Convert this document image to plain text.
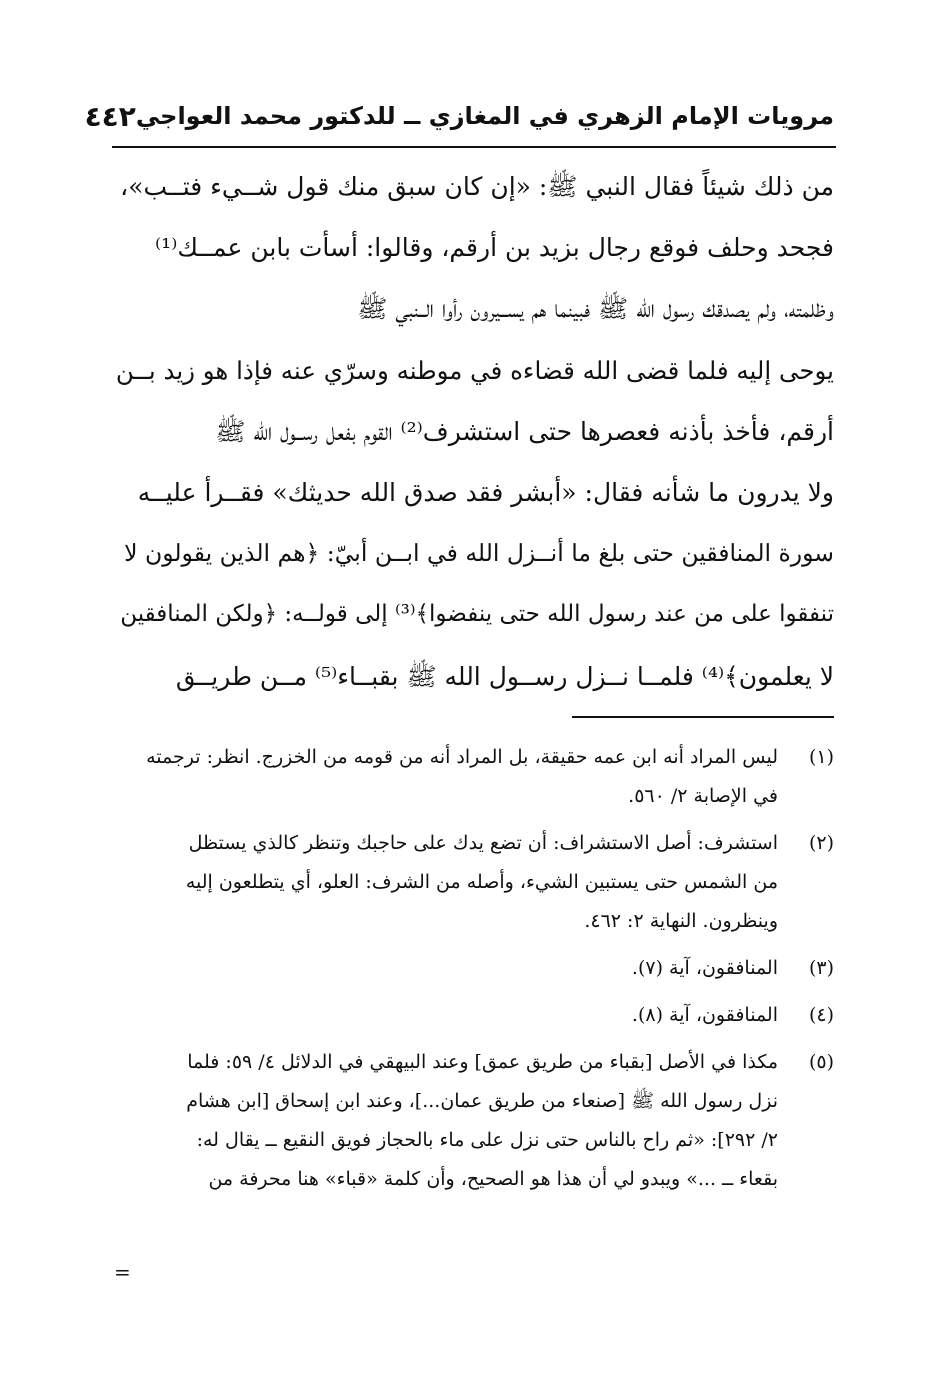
مرويات الإمام الزهري في المغازي ــ للدكتور محمد العواجي
٤٤٢
من ذلك شيئاً فقال النبي ﷺ: «إن كان سبق منك قول شــيء فتــب»،
فجحد وحلف فوقع رجال بزيد بن أرقم، وقالوا: أسأت بابن عمــك⁽¹⁾
وظلمته، ولم يصدقك رسول الله ﷺ فبينما هم يســيرون رأوا الــنبي ﷺ
يوحى إليه فلما قضى الله قضاءه في موطنه وسرّي عنه فإذا هو زيد بــن
أرقم، فأخذ بأذنه فعصرها حتى استشرف⁽²⁾ القوم بفعل رســول الله ﷺ
ولا يدرون ما شأنه فقال: «أبشر فقد صدق الله حديثك» فقــرأ عليــه
سورة المنافقين حتى بلغ ما أنــزل الله في ابــن أبيّ: ﴿هم الذين يقولون لا
تنفقوا على من عند رسول الله حتى ينفضوا﴾⁽³⁾ إلى قولــه: ﴿ولكن المنافقين
لا يعلمون﴾⁽⁴⁾ فلمــا نــزل رســول الله ﷺ بقبــاء⁽⁵⁾ مــن طريــق
(١)
ليس المراد أنه ابن عمه حقيقة، بل المراد أنه من قومه من الخزرج. انظر: ترجمته
في الإصابة ٢/ ٥٦٠.
(٢)
استشرف: أصل الاستشراف: أن تضع يدك على حاجبك وتنظر كالذي يستظل
من الشمس حتى يستبين الشيء، وأصله من الشرف: العلو، أي يتطلعون إليه
وينظرون. النهاية ٢: ٤٦٢.
(٣)
المنافقون، آية (٧).
(٤)
المنافقون، آية (٨).
(٥)
مكذا في الأصل [بقباء من طريق عمق] وعند البيهقي في الدلائل ٤/ ٥٩: فلما
نزل رسول الله ﷺ [صنعاء من طريق عمان...]، وعند ابن إسحاق [ابن هشام
٢/ ٢٩٢]: «ثم راح بالناس حتى نزل على ماء بالحجاز فويق النقيع ــ يقال له:
بقعاء ــ ...» ويبدو لي أن هذا هو الصحيح، وأن كلمة «قباء» هنا محرفة من
=
